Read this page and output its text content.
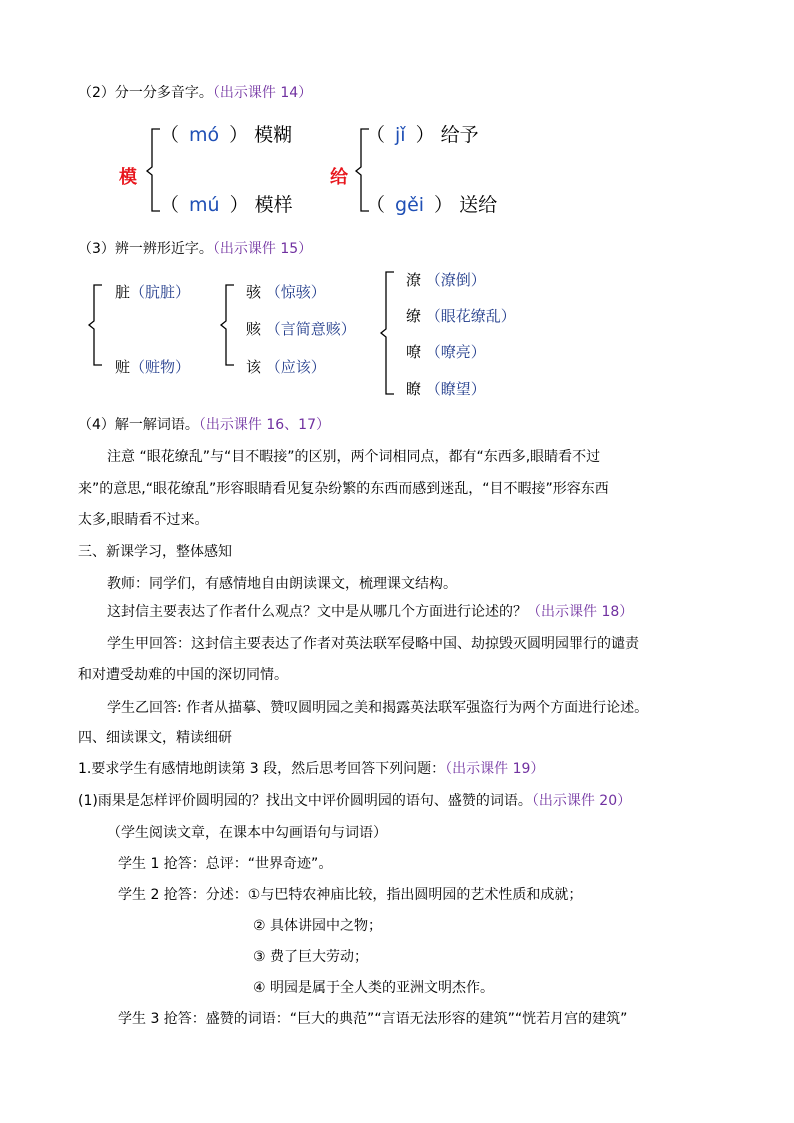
（2）分一分多音字。（出示课件 14）
模
（ mó ） 模糊
（ mú ） 模样
给
（ jǐ ） 给予
（ gěi ） 送给
（3）辨一辨形近字。（出示课件 15）
脏（肮脏）
赃（赃物）
骇 （惊骇）
赅 （言简意赅）
该 （应该）
潦 （潦倒）
缭 （眼花缭乱）
嘹 （嘹亮）
瞭 （瞭望）
（4）解一解词语。（出示课件 16、17）
注意 “眼花缭乱”与“目不暇接”的区别，两个词相同点，都有“东西多,眼睛看不过
来”的意思,“眼花缭乱”形容眼睛看见复杂纷繁的东西而感到迷乱，“目不暇接”形容东西
太多,眼睛看不过来。
三、新课学习，整体感知
教师：同学们，有感情地自由朗读课文，梳理课文结构。
这封信主要表达了作者什么观点？文中是从哪几个方面进行论述的？（出示课件 18）
学生甲回答：这封信主要表达了作者对英法联军侵略中国、劫掠毁灭圆明园罪行的谴责
和对遭受劫难的中国的深切同情。
学生乙回答: 作者从描摹、赞叹圆明园之美和揭露英法联军强盗行为两个方面进行论述。
四、细读课文，精读细研
1.要求学生有感情地朗读第 3 段，然后思考回答下列问题：（出示课件 19）
(1)雨果是怎样评价圆明园的？找出文中评价圆明园的语句、盛赞的词语。（出示课件 20）
（学生阅读文章，在课本中勾画语句与词语）
学生 1 抢答：总评：“世界奇迹”。
学生 2 抢答：分述：①与巴特农神庙比较，指出圆明园的艺术性质和成就；
② 具体讲园中之物；
③ 费了巨大劳动；
④ 明园是属于全人类的亚洲文明杰作。
学生 3 抢答：盛赞的词语：“巨大的典范”“言语无法形容的建筑”“恍若月宫的建筑”
